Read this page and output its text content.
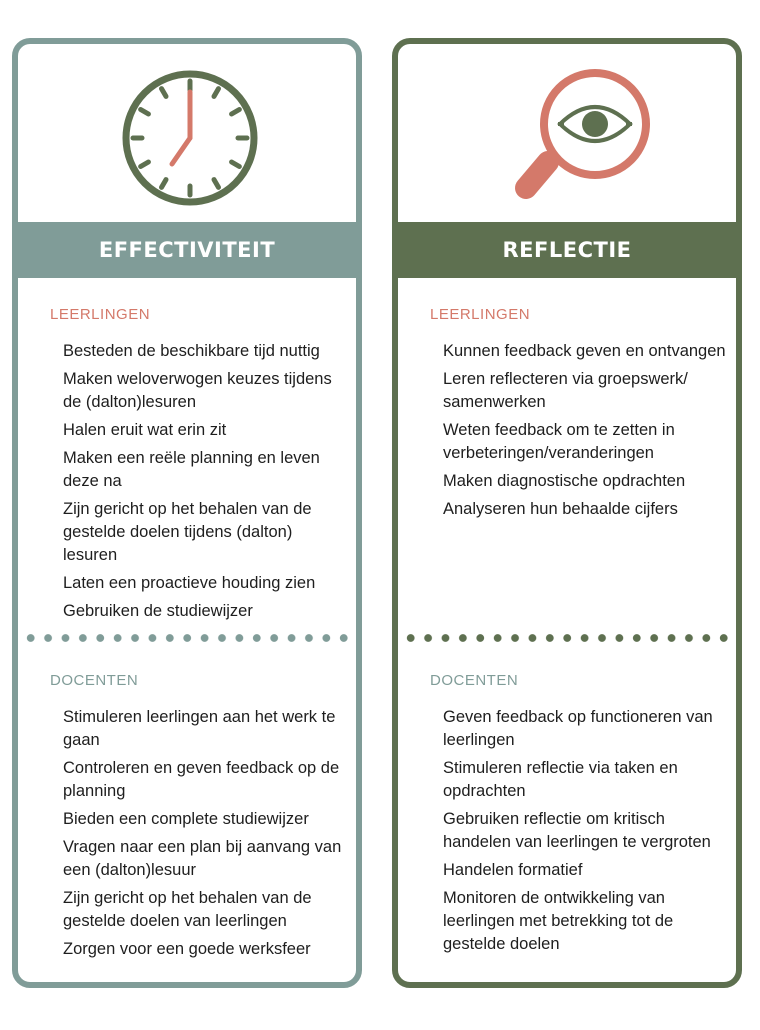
EFFECTIVITEIT
LEERLINGEN
Besteden de beschikbare tijd nuttig
Maken weloverwogen keuzes tijdens de (dalton)lesuren
Halen eruit wat erin zit
Maken een reële planning en leven deze na
Zijn gericht op het behalen van de gestelde doelen tijdens (dalton) lesuren
Laten een proactieve houding zien
Gebruiken de studiewijzer
DOCENTEN
Stimuleren leerlingen aan het werk te gaan
Controleren en geven feedback op de planning
Bieden een complete studiewijzer
Vragen naar een plan bij aanvang van een (dalton)lesuur
Zijn gericht op het behalen van de gestelde doelen van leerlingen
Zorgen voor een goede werksfeer
REFLECTIE
LEERLINGEN
Kunnen feedback geven en ontvangen
Leren reflecteren via groepswerk/ samenwerken
Weten feedback om te zetten in verbeteringen/veranderingen
Maken diagnostische opdrachten
Analyseren hun behaalde cijfers
DOCENTEN
Geven feedback op functioneren van leerlingen
Stimuleren reflectie via taken en opdrachten
Gebruiken reflectie om kritisch handelen van leerlingen te vergroten
Handelen formatief
Monitoren de ontwikkeling van leerlingen met betrekking tot de gestelde doelen
